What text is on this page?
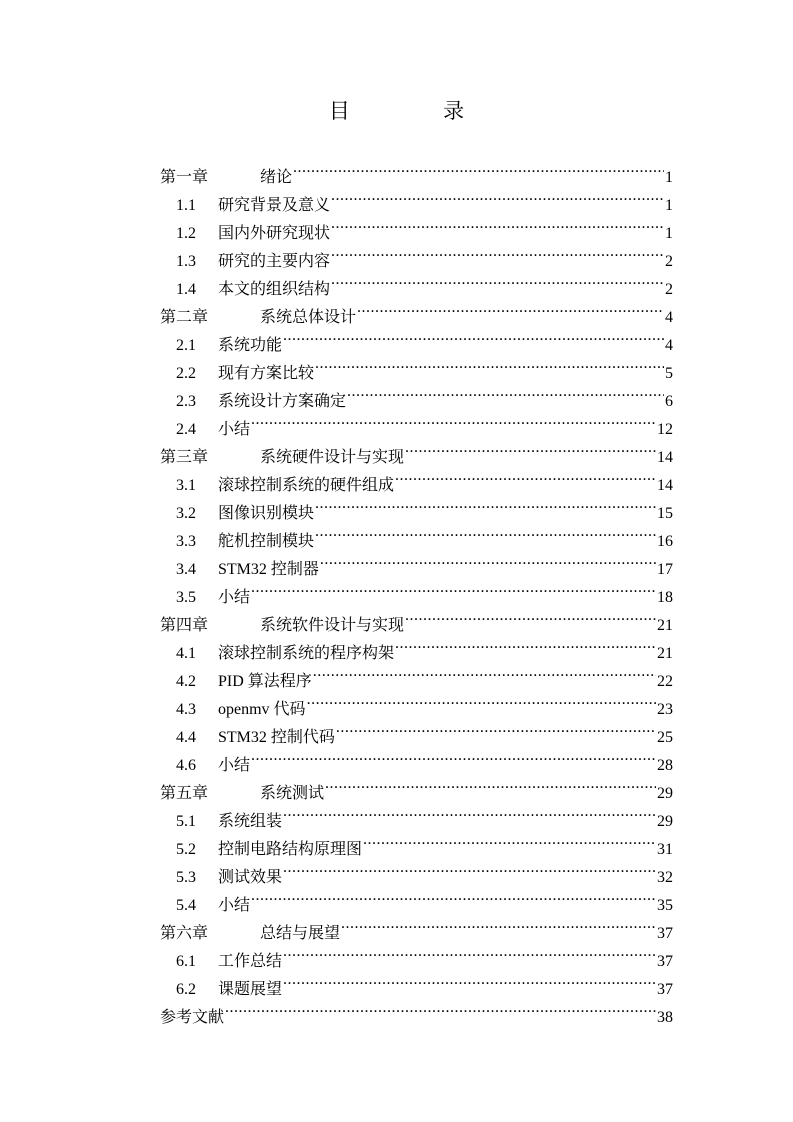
目 录
第一章	绪论 .....	1
1.1	研究背景及意义 .....	1
1.2	国内外研究现状 .....	1
1.3	研究的主要内容 .....	2
1.4	本文的组织结构 .....	2
第二章	系统总体设计 .....	4
2.1	系统功能 .....	4
2.2	现有方案比较 .....	5
2.3	系统设计方案确定 .....	6
2.4	小结 .....	12
第三章	系统硬件设计与实现 .....	14
3.1	滚球控制系统的硬件组成 .....	14
3.2	图像识别模块 .....	15
3.3	舵机控制模块 .....	16
3.4	STM32 控制器 .....	17
3.5	小结 .....	18
第四章	系统软件设计与实现 .....	21
4.1	滚球控制系统的程序构架 .....	21
4.2	PID 算法程序 .....	22
4.3	openmv 代码 .....	23
4.4	STM32 控制代码 .....	25
4.6	小结 .....	28
第五章	系统测试 .....	29
5.1	系统组装 .....	29
5.2	控制电路结构原理图 .....	31
5.3	测试效果 .....	32
5.4	小结 .....	35
第六章	总结与展望 .....	37
6.1	工作总结 .....	37
6.2	课题展望 .....	37
参考文献 .....	38
